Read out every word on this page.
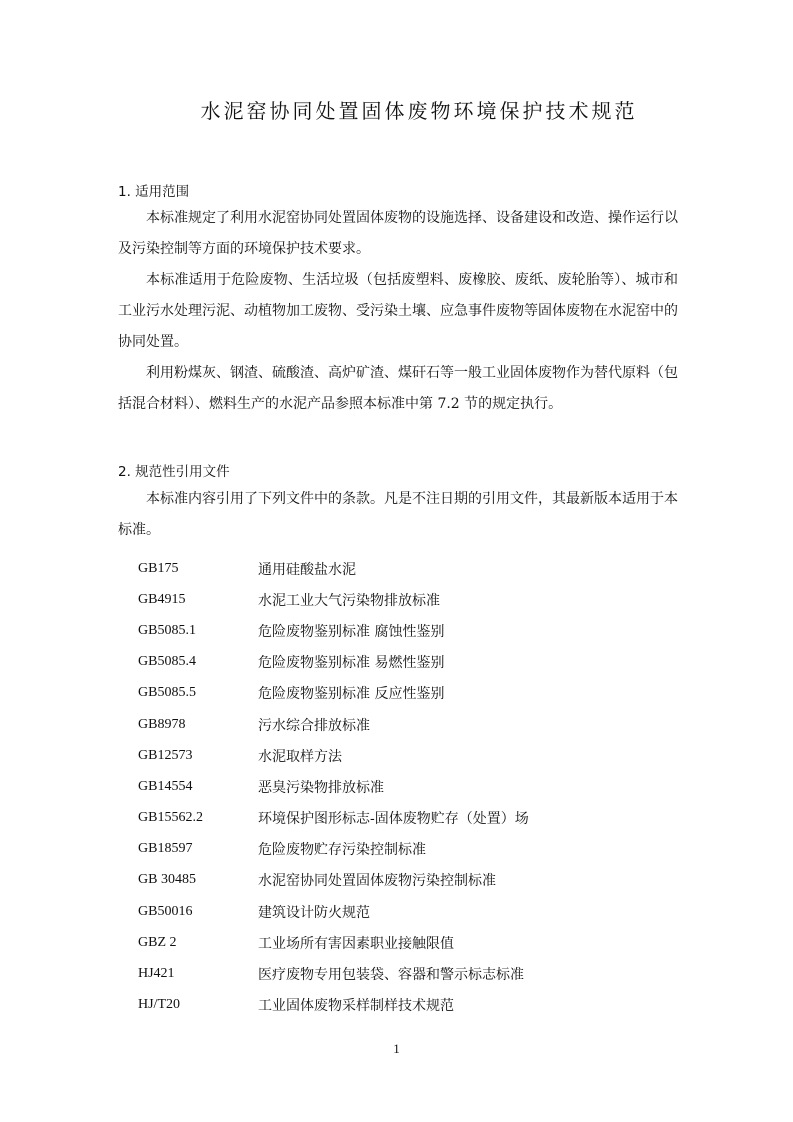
水泥窑协同处置固体废物环境保护技术规范
1. 适用范围

本标准规定了利用水泥窑协同处置固体废物的设施选择、设备建设和改造、操作运行以及污染控制等方面的环境保护技术要求。

本标准适用于危险废物、生活垃圾（包括废塑料、废橡胶、废纸、废轮胎等）、城市和工业污水处理污泥、动植物加工废物、受污染土壤、应急事件废物等固体废物在水泥窑中的协同处置。

利用粉煤灰、钢渣、硫酸渣、高炉矿渣、煤矸石等一般工业固体废物作为替代原料（包括混合材料）、燃料生产的水泥产品参照本标准中第 7.2 节的规定执行。

2. 规范性引用文件

本标准内容引用了下列文件中的条款。凡是不注日期的引用文件，其最新版本适用于本标准。

GB175	通用硅酸盐水泥
GB4915	水泥工业大气污染物排放标准
GB5085.1	危险废物鉴别标准 腐蚀性鉴别
GB5085.4	危险废物鉴别标准 易燃性鉴别
GB5085.5	危险废物鉴别标准 反应性鉴别
GB8978	污水综合排放标准
GB12573	水泥取样方法
GB14554	恶臭污染物排放标准
GB15562.2	环境保护图形标志-固体废物贮存（处置）场
GB18597	危险废物贮存污染控制标准
GB 30485	水泥窑协同处置固体废物污染控制标准
GB50016	建筑设计防火规范
GBZ 2	工业场所有害因素职业接触限值
HJ421	医疗废物专用包装袋、容器和警示标志标准
HJ/T20	工业固体废物采样制样技术规范
1
